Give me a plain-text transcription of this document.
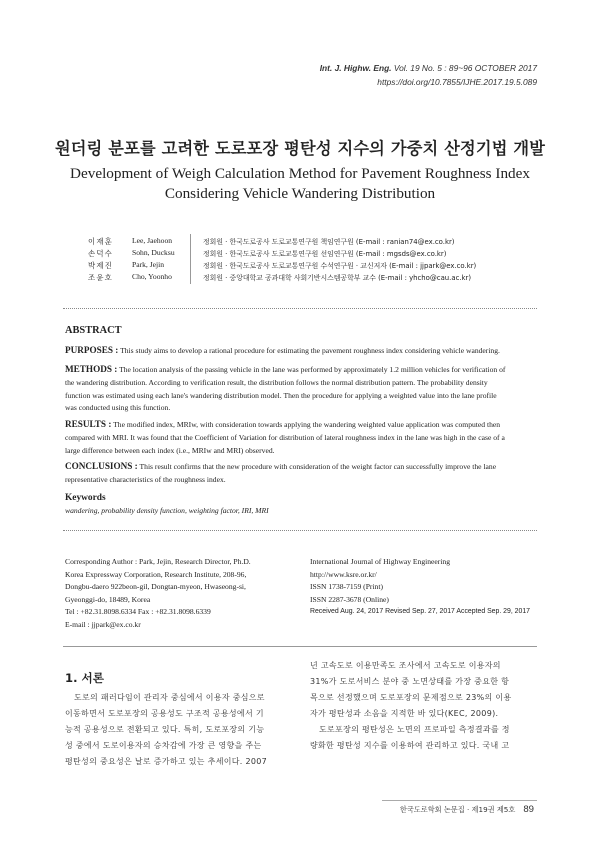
Int. J. Highw. Eng. Vol. 19 No. 5 : 89~96 OCTOBER 2017
https://doi.org/10.7855/IJHE.2017.19.5.089
원더링 분포를 고려한 도로포장 평탄성 지수의 가중치 산정기법 개발
Development of Weigh Calculation Method for Pavement Roughness Index
Considering Vehicle Wandering Distribution
이재훈 Lee, Jaehoon	정회원 · 한국도로공사 도로교통연구원 책임연구원 (E-mail : ranian74@ex.co.kr)
손덕수 Sohn, Ducksu	정회원 · 한국도로공사 도로교통연구원 선임연구원 (E-mail : mgsds@ex.co.kr)
박제진 Park, Jejin	정회원 · 한국도로공사 도로교통연구원 수석연구원 · 교신저자 (E-mail : jjpark@ex.co.kr)
조윤호 Cho, Yoonho	정회원 · 중앙대학교 공과대학 사회기반시스템공학부 교수 (E-mail : yhcho@cau.ac.kr)
ABSTRACT
PURPOSES : This study aims to develop a rational procedure for estimating the pavement roughness index considering vehicle wandering.
METHODS : The location analysis of the passing vehicle in the lane was performed by approximately 1.2 million vehicles for verification of
the wandering distribution. According to verification result, the distribution follows the normal distribution pattern. The probability density
function was estimated using each lane's wandering distribution model. Then the procedure for applying a weighted value into the lane profile
was conducted using this function.
RESULTS : The modified index, MRIw, with consideration towards applying the wandering weighted value application was computed then
compared with MRI. It was found that the Coefficient of Variation for distribution of lateral roughness index in the lane was high in the case of a
large difference between each index (i.e., MRIw and MRI) observed.
CONCLUSIONS : This result confirms that the new procedure with consideration of the weight factor can successfully improve the lane
representative characteristics of the roughness index.
Keywords
wandering, probability density function, weighting factor, IRI, MRI
Corresponding Author : Park, Jejin, Research Director, Ph.D.
Korea Expressway Corporation, Research Institute, 208-96,
Dongbu-daero 922beon-gil, Dongtan-myeon, Hwaseong-si,
Gyeonggi-do, 18489, Korea
Tel : +82.31.8098.6334 Fax : +82.31.8098.6339
E-mail : jjpark@ex.co.kr
International Journal of Highway Engineering
http://www.ksre.or.kr/
ISSN 1738-7159 (Print)
ISSN 2287-3678 (Online)
Received Aug. 24, 2017 Revised Sep. 27, 2017 Accepted Sep. 29, 2017
1. 서론
도로의 패러다임이 관리자 중심에서 이용자 중심으로
이동하면서 도로포장의 공용성도 구조적 공용성에서 기
능적 공용성으로 전환되고 있다. 특히, 도로포장의 기능
성 중에서 도로이용자의 승차감에 가장 큰 영향을 주는
평탄성의 중요성은 날로 증가하고 있는 추세이다. 2007
년 고속도로 이용만족도 조사에서 고속도로 이용자의
31%가 도로서비스 분야 중 노면상태를 가장 중요한 항
목으로 선정했으며 도로포장의 문제점으로 23%의 이용
자가 평탄성과 소음을 지적한 바 있다(KEC, 2009).
도로포장의 평탄성은 노면의 프로파일 측정결과를 정
량화한 평탄성 지수를 이용하여 관리하고 있다. 국내 고
한국도로학회 논문집 · 제19권 제5호 89
